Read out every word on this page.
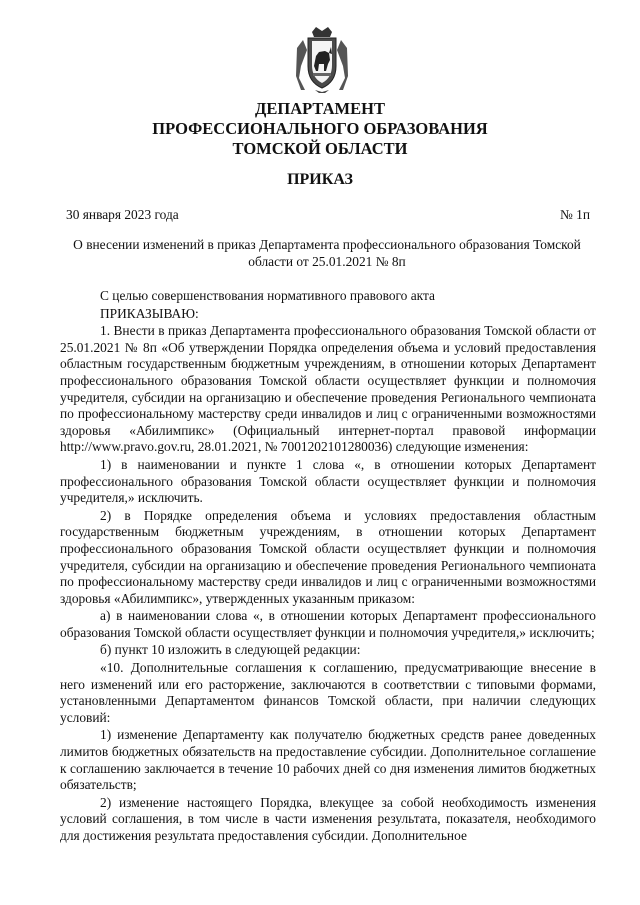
ДЕПАРТАМЕНТ
ПРОФЕССИОНАЛЬНОГО ОБРАЗОВАНИЯ
ТОМСКОЙ ОБЛАСТИ
ПРИКАЗ
30 января 2023 года	№ 1п
О внесении изменений в приказ Департамента профессионального образования Томской области от 25.01.2021 № 8п

С целью совершенствования нормативного правового акта

ПРИКАЗЫВАЮ:

1. Внести в приказ Департамента профессионального образования Томской области от 25.01.2021 № 8п «Об утверждении Порядка определения объема и условий предоставления областным государственным бюджетным учреждениям, в отношении которых Департамент профессионального образования Томской области осуществляет функции и полномочия учредителя, субсидии на организацию и обеспечение проведения Регионального чемпионата по профессиональному мастерству среди инвалидов и лиц с ограниченными возможностями здоровья «Абилимпикс» (Официальный интернет-портал правовой информации http://www.pravo.gov.ru, 28.01.2021, № 7001202101280036) следующие изменения:

1) в наименовании и пункте 1 слова «, в отношении которых Департамент профессионального образования Томской области осуществляет функции и полномочия учредителя,» исключить.

2) в Порядке определения объема и условиях предоставления областным государственным бюджетным учреждениям, в отношении которых Департамент профессионального образования Томской области осуществляет функции и полномочия учредителя, субсидии на организацию и обеспечение проведения Регионального чемпионата по профессиональному мастерству среди инвалидов и лиц с ограниченными возможностями здоровья «Абилимпикс», утвержденных указанным приказом:

а) в наименовании слова «, в отношении которых Департамент профессионального образования Томской области осуществляет функции и полномочия учредителя,» исключить;

б) пункт 10 изложить в следующей редакции:

«10. Дополнительные соглашения к соглашению, предусматривающие внесение в него изменений или его расторжение, заключаются в соответствии с типовыми формами, установленными Департаментом финансов Томской области, при наличии следующих условий:

1) изменение Департаменту как получателю бюджетных средств ранее доведенных лимитов бюджетных обязательств на предоставление субсидии. Дополнительное соглашение к соглашению заключается в течение 10 рабочих дней со дня изменения лимитов бюджетных обязательств;

2) изменение настоящего Порядка, влекущее за собой необходимость изменения условий соглашения, в том числе в части изменения результата, показателя, необходимого для достижения результата предоставления субсидии. Дополнительное
